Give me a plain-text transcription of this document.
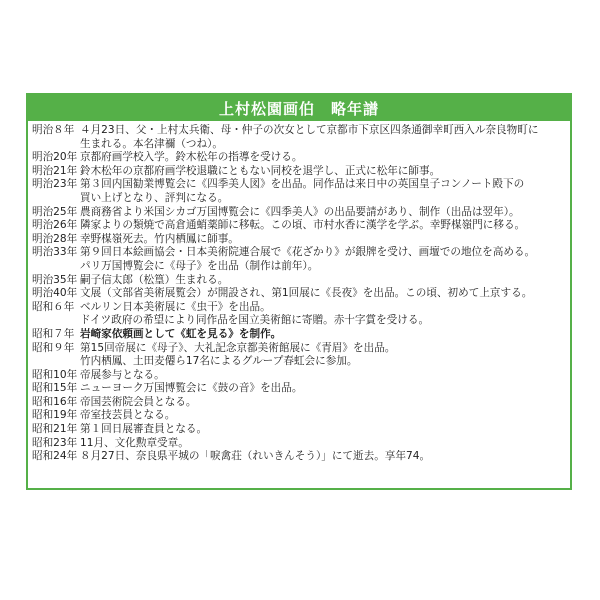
上村松園画伯　略年譜
明治８年 ４月23日、父・上村太兵衛、母・仲子の次女として京都市下京区四条通御幸町西入ル奈良物町に
生まれる。本名津禰（つね）。
明治20年 京都府画学校入学。鈴木松年の指導を受ける。
明治21年 鈴木松年の京都府画学校退職にともない同校を退学し、正式に松年に師事。
明治23年 第３回内国勧業博覧会に《四季美人図》を出品。同作品は来日中の英国皇子コンノート殿下の
買い上げとなり、評判になる。
明治25年 農商務省より米国シカゴ万国博覧会に《四季美人》の出品要請があり、制作（出品は翌年）。
明治26年 隣家よりの類焼で高倉通蛸薬師に移転。この頃、市村水香に漢学を学ぶ。幸野楳嶺門に移る。
明治28年 幸野楳嶺死去。竹内栖鳳に師事。
明治33年 第９回日本絵画協会・日本美術院連合展で《花ざかり》が銀牌を受け、画壇での地位を高める。
パリ万国博覧会に《母子》を出品（制作は前年）。
明治35年 嗣子信太郎（松篁）生まれる。
明治40年 文展（文部省美術展覧会）が開設され、第1回展に《長夜》を出品。この頃、初めて上京する。
昭和６年 ベルリン日本美術展に《虫干》を出品。
ドイツ政府の希望により同作品を国立美術館に寄贈。赤十字賞を受ける。
昭和７年 岩崎家依頼画として《虹を見る》を制作。
昭和９年 第15回帝展に《母子》、大礼記念京都美術館展に《青眉》を出品。
竹内栖鳳、土田麦僊ら17名によるグループ春虹会に参加。
昭和10年 帝展参与となる。
昭和15年 ニューヨーク万国博覧会に《鼓の音》を出品。
昭和16年 帝国芸術院会員となる。
昭和19年 帝室技芸員となる。
昭和21年 第１回日展審査員となる。
昭和23年 11月、文化勲章受章。
昭和24年 ８月27日、奈良県平城の「唳禽荘（れいきんそう）」にて逝去。享年74。
